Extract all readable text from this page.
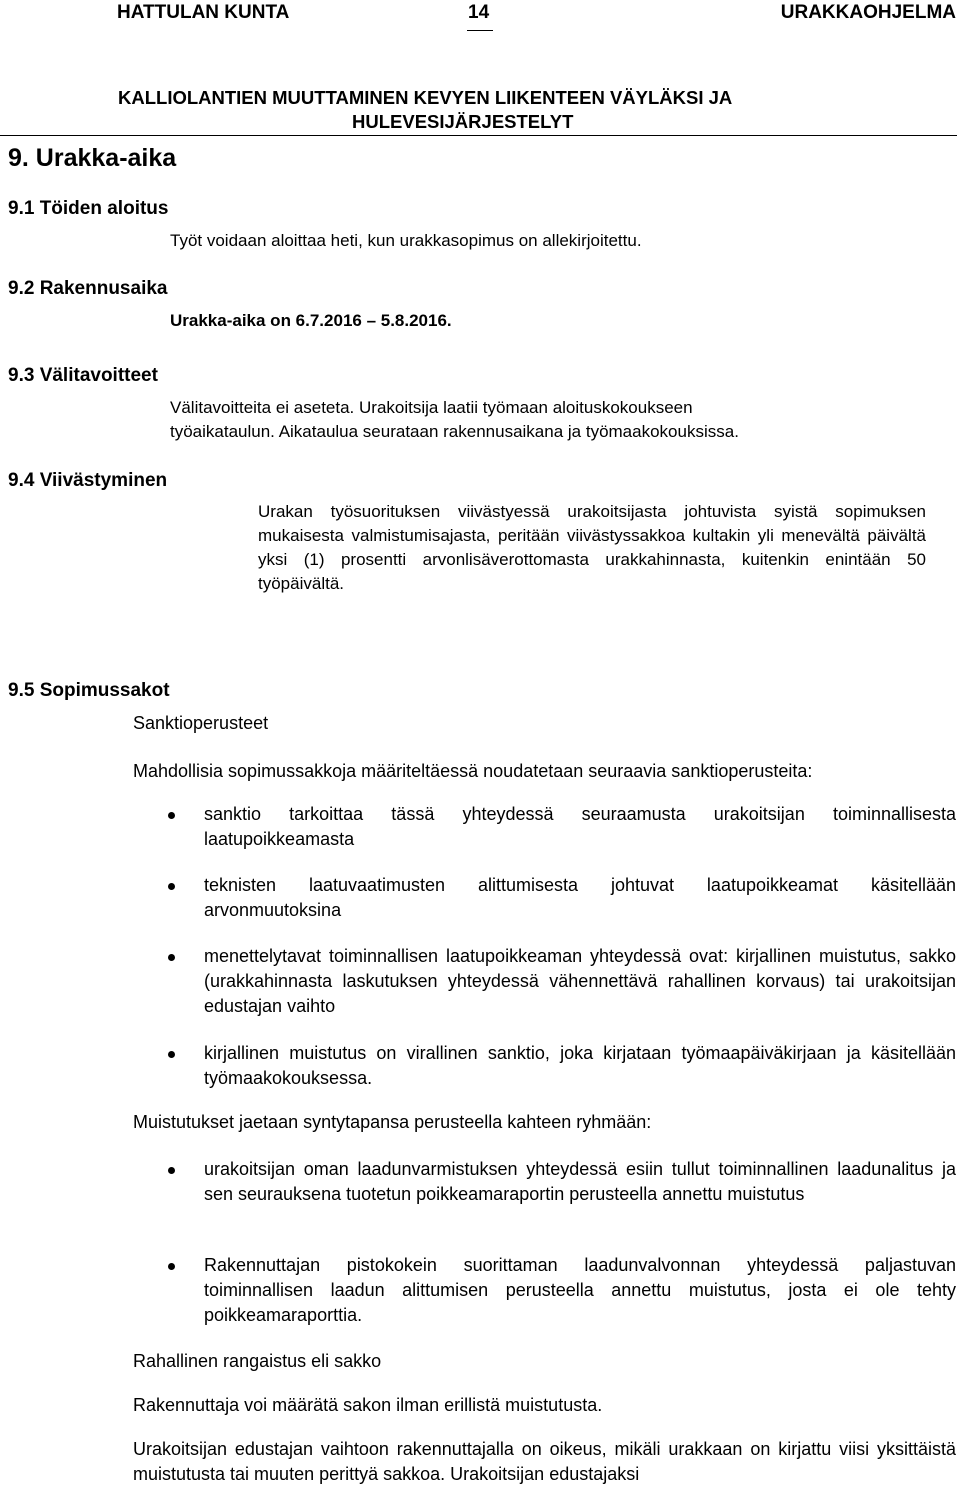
HATTULAN KUNTA	14	URAKKAOHJELMA
KALLIOLANTIEN MUUTTAMINEN KEVYEN LIIKENTEEN VÄYLÄKSI JA
HULEVESIJÄRJESTELYT
9. Urakka-aika
9.1 Töiden aloitus
Työt voidaan aloittaa heti, kun urakkasopimus on allekirjoitettu.
9.2 Rakennusaika
Urakka-aika on 6.7.2016 – 5.8.2016.
9.3 Välitavoitteet
Välitavoitteita ei aseteta. Urakoitsija laatii työmaan aloituskokoukseen
työaikataulun. Aikataulua seurataan rakennusaikana ja työmaakokouksissa.
9.4 Viivästyminen
Urakan työsuorituksen viivästyessä urakoitsijasta johtuvista syistä sopimuksen mukaisesta valmistumisajasta, peritään viivästyssakkoa kultakin yli menevältä päivältä yksi (1) prosentti arvonlisäverottomasta urakkahinnasta, kuitenkin enintään 50 työpäivältä.
9.5 Sopimussakot
Sanktioperusteet
Mahdollisia sopimussakkoja määriteltäessä noudatetaan seuraavia sanktioperusteita:
sanktio tarkoittaa tässä yhteydessä seuraamusta urakoitsijan toiminnallisesta laatupoikkeamasta
teknisten laatuvaatimusten alittumisesta johtuvat laatupoikkeamat käsitellään arvonmuutoksina
menettelytavat toiminnallisen laatupoikkeaman yhteydessä ovat: kirjallinen muistutus, sakko (urakkahinnasta laskutuksen yhteydessä vähennettävä rahallinen korvaus) tai urakoitsijan edustajan vaihto
kirjallinen muistutus on virallinen sanktio, joka kirjataan työmaapäiväkirjaan ja käsitellään työmaakokouksessa.
Muistutukset jaetaan syntytapansa perusteella kahteen ryhmään:
urakoitsijan oman laadunvarmistuksen yhteydessä esiin tullut toiminnallinen laadunalitus ja sen seurauksena tuotetun poikkeamaraportin perusteella annettu muistutus
Rakennuttajan pistokokein suorittaman laadunvalvonnan yhteydessä paljastuvan toiminnallisen laadun alittumisen perusteella annettu muistutus, josta ei ole tehty poikkeamaraporttia.
Rahallinen rangaistus eli sakko
Rakennuttaja voi määrätä sakon ilman erillistä muistutusta.
Urakoitsijan edustajan vaihtoon rakennuttajalla on oikeus, mikäli urakkaan on kirjattu viisi yksittäistä muistutusta tai muuten perittyä sakkoa. Urakoitsijan edustajaksi
